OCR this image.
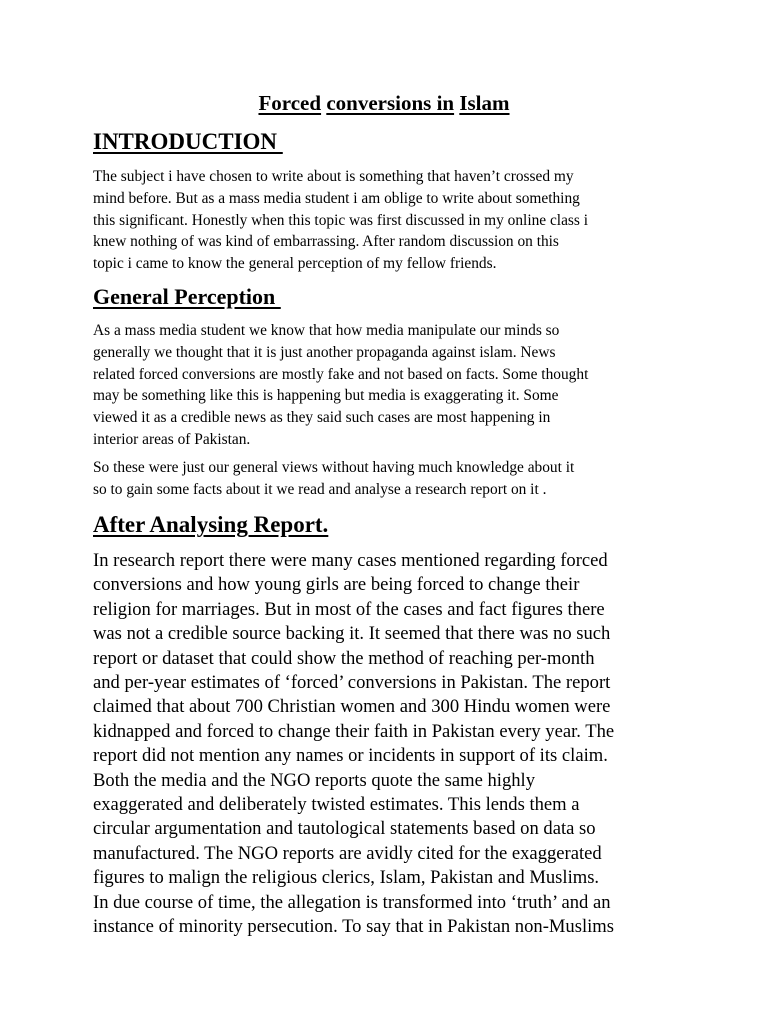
Forced conversions in Islam
INTRODUCTION
The subject i have chosen to write about is something that haven’t crossed my
mind before. But as a mass media student i am oblige to write about something
this significant. Honestly when this topic was first discussed in my online class i
knew nothing of was kind of embarrassing. After random discussion on this
topic i came to know the general perception of my fellow friends.
General Perception
As a mass media student we know that how media manipulate our minds so
generally we thought that it is just another propaganda against islam. News
related forced conversions are mostly fake and not based on facts. Some thought
may be something like this is happening but media is exaggerating it. Some
viewed it as a credible news as they said such cases are most happening in
interior areas of Pakistan.
So these were just our general views without having much knowledge about it
so to gain some facts about it we read and analyse a research report on it .
After Analysing Report.
In research report there were many cases mentioned regarding forced
conversions and how young girls are being forced to change their
religion for marriages. But in most of the cases and fact figures there
was not a credible source backing it. It seemed that there was no such
report or dataset that could show the method of reaching per-month
and per-year estimates of ‘forced’ conversions in Pakistan. The report
claimed that about 700 Christian women and 300 Hindu women were
kidnapped and forced to change their faith in Pakistan every year. The
report did not mention any names or incidents in support of its claim.
Both the media and the NGO reports quote the same highly
exaggerated and deliberately twisted estimates. This lends them a
circular argumentation and tautological statements based on data so
manufactured. The NGO reports are avidly cited for the exaggerated
figures to malign the religious clerics, Islam, Pakistan and Muslims.
In due course of time, the allegation is transformed into ‘truth’ and an
instance of minority persecution. To say that in Pakistan non-Muslims
